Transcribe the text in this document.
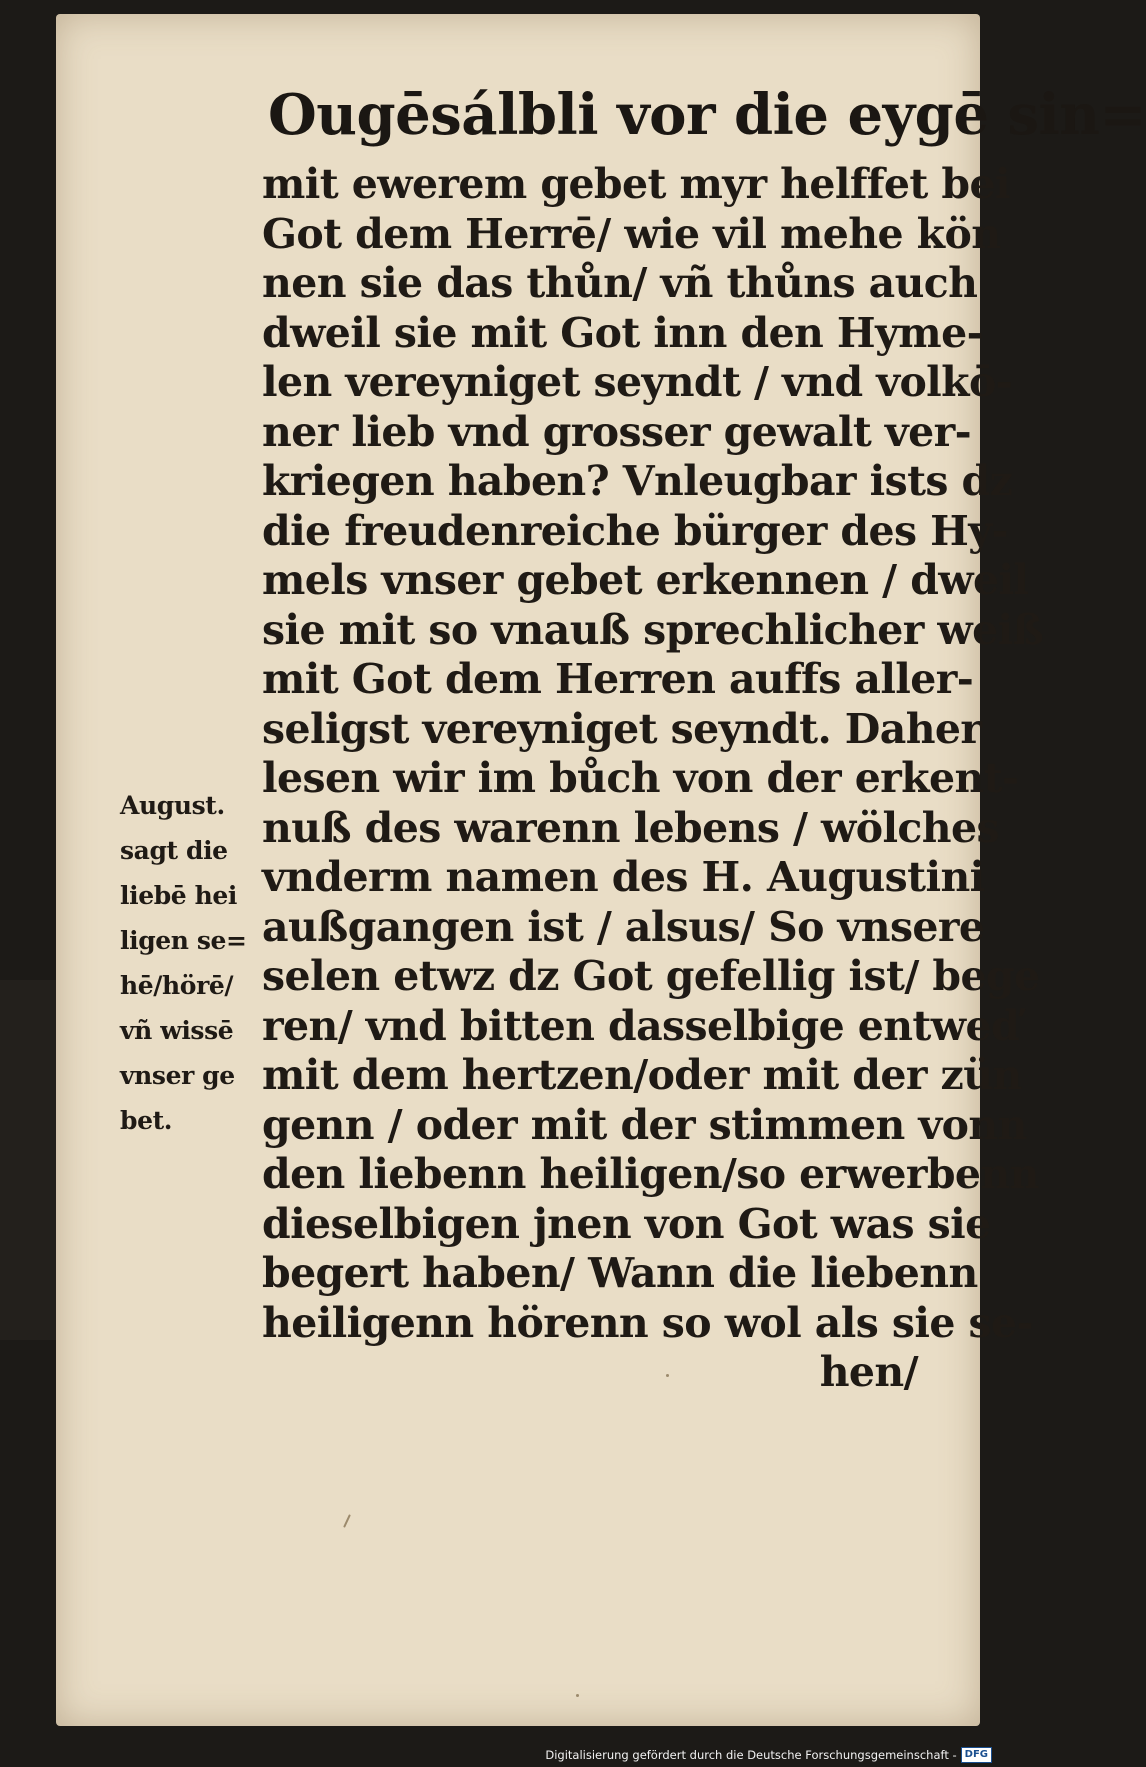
Ougēsálbli vor die eygē sin=
mit ewerem gebet myr helffet bei
Got dem Herrē/ wie vil mehe kön
nen sie das thůn/ vñ thůns auch
dweil sie mit Got inn den Hyme-
len vereyniget seyndt / vnd volkō-
ner lieb vnd grosser gewalt ver-
kriegen haben? Vnleugbar ists dz
die freudenreiche bürger des Hy-
mels vnser gebet erkennen / dweil
sie mit so vnauß sprechlicher weiß
mit Got dem Herren auffs aller-
seligst vereyniget seyndt. Daher
lesen wir im bůch von der erkent-
nuß des warenn lebens / wölches
vnderm namen des H. Augustini
außgangen ist / alsus/ So vnsere
selen etwz dz Got gefellig ist/ bege
ren/ vnd bitten dasselbige entweď
mit dem hertzen/oder mit der zün
genn / oder mit der stimmen vonn
den liebenn heiligen/so erwerbenn
dieselbigen jnen von Got was sie
begert haben/ Wann die liebenn
heiligenn hörenn so wol als sie se-
hen/
August.
sagt die
liebē hei
ligen se=
hē/hörē/
vñ wissē
vnser ge
bet.
Digitalisierung gefördert durch die Deutsche Forschungsgemeinschaft - DFG
